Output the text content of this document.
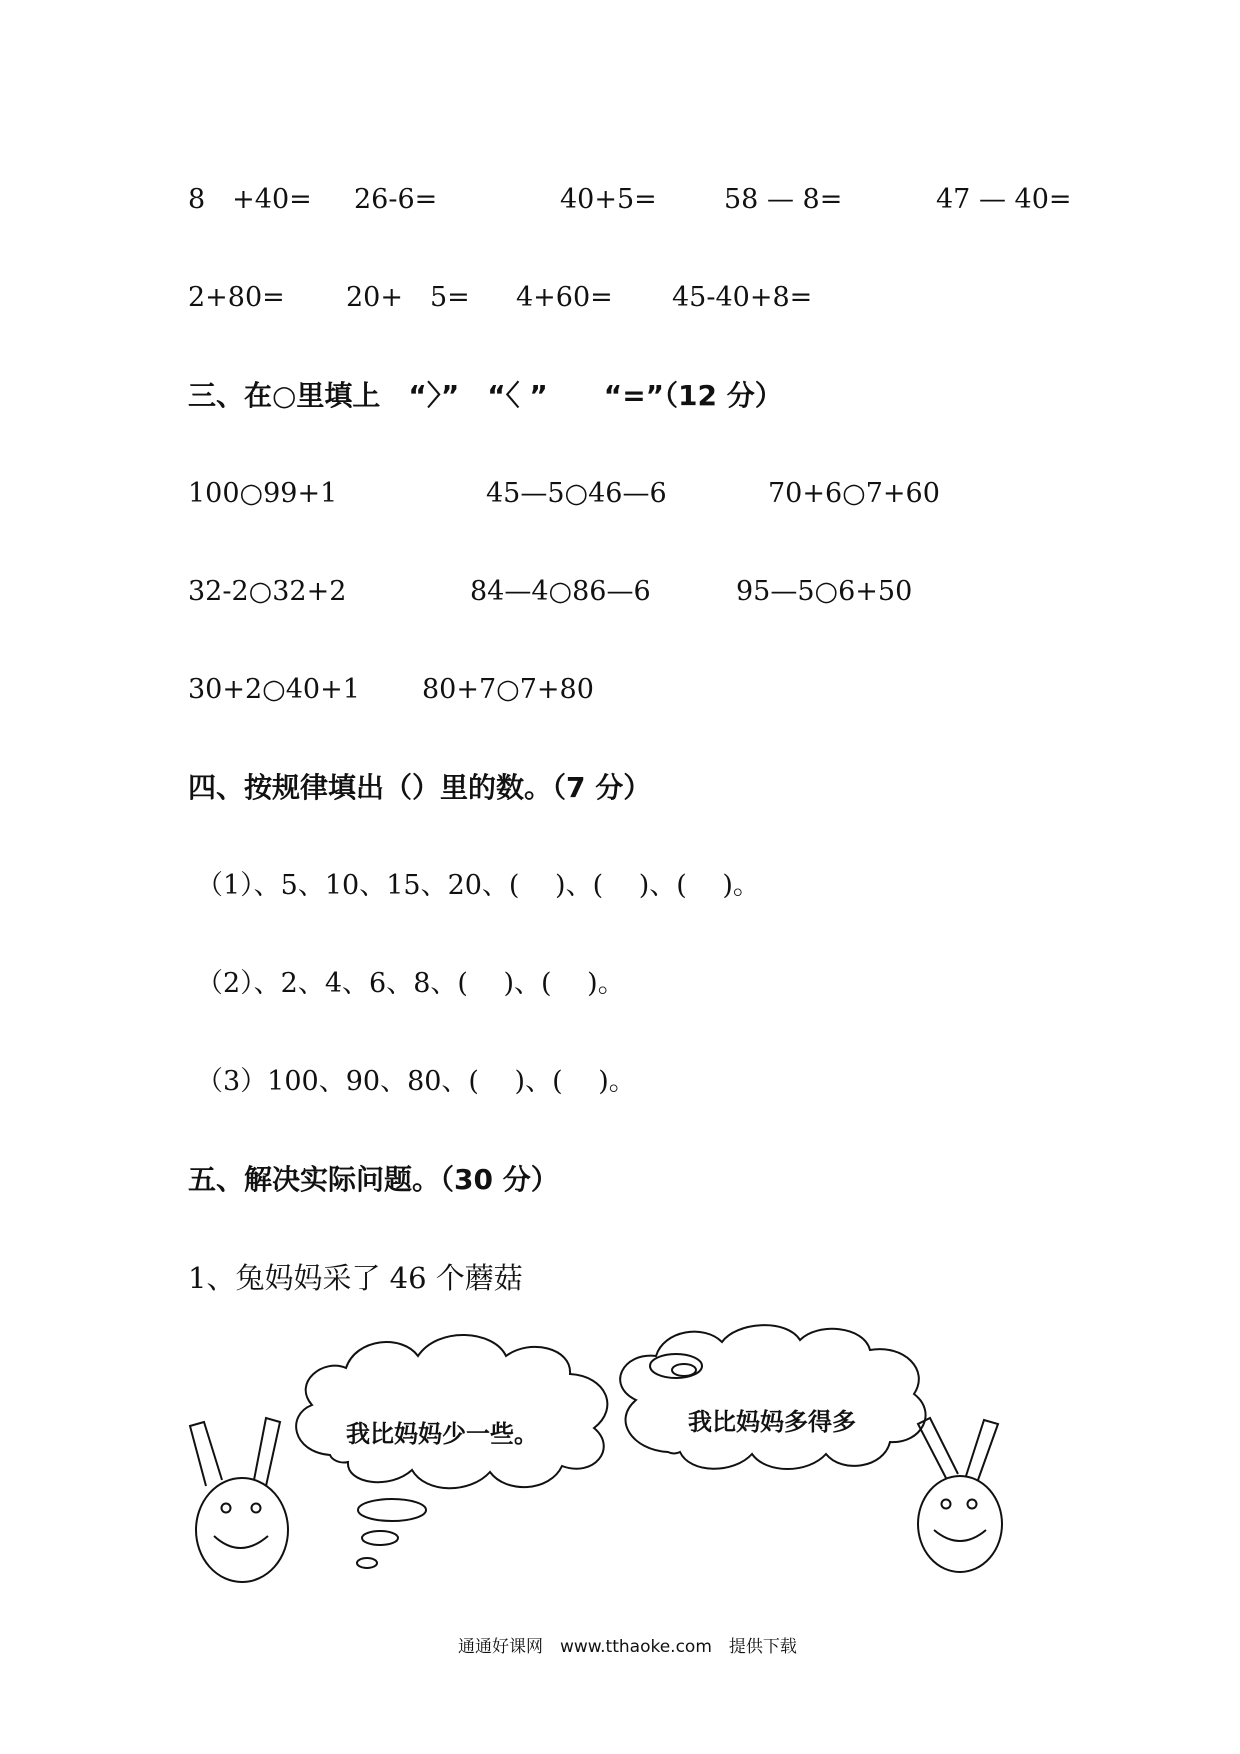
8　+40= 26-6=	40+5= 58 — 8=	47 — 40=
2+80= 20+　5= 4+60= 45-40+8=
三、在○里填上　“〉”　“〈 ”　　“=”（12 分）
100○99+1	45—5○46—6	70+6○7+60
32-2○32+2	84—4○86—6	95—5○6+50
30+2○40+1 80+7○7+80
四、按规律填出（）里的数。（7 分）
（1）、5、10、15、20、(　 )、(　 )、(　 )。
（2）、2、4、6、8、(　 )、(　 )。
（3）100、90、80、(　 )、(　 )。
五、解决实际问题。（30 分）
1、兔妈妈采了 46 个蘑菇
我比妈妈少一些。	我比妈妈多得多
通通好课网　www.tthaoke.com　提供下载
